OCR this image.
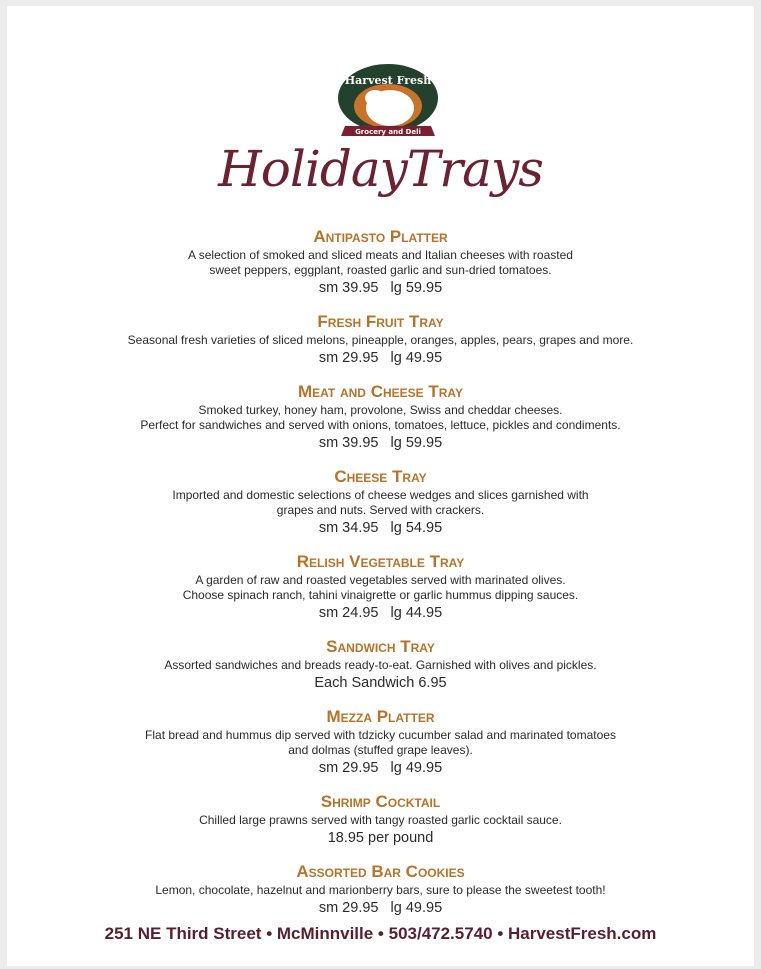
Harvest Fresh
Grocery and Deli
HolidayTrays
Antipasto Platter
A selection of smoked and sliced meats and Italian cheeses with roasted
sweet peppers, eggplant, roasted garlic and sun-dried tomatoes.
sm 39.95   lg 59.95
Fresh Fruit Tray
Seasonal fresh varieties of sliced melons, pineapple, oranges, apples, pears, grapes and more.
sm 29.95   lg 49.95
Meat and Cheese Tray
Smoked turkey, honey ham, provolone, Swiss and cheddar cheeses.
Perfect for sandwiches and served with onions, tomatoes, lettuce, pickles and condiments.
sm 39.95   lg 59.95
Cheese Tray
Imported and domestic selections of cheese wedges and slices garnished with
grapes and nuts. Served with crackers.
sm 34.95   lg 54.95
Relish Vegetable Tray
A garden of raw and roasted vegetables served with marinated olives.
Choose spinach ranch, tahini vinaigrette or garlic hummus dipping sauces.
sm 24.95   lg 44.95
Sandwich Tray
Assorted sandwiches and breads ready-to-eat. Garnished with olives and pickles.
Each Sandwich 6.95
Mezza Platter
Flat bread and hummus dip served with tdzicky cucumber salad and marinated tomatoes
and dolmas (stuffed grape leaves).
sm 29.95   lg 49.95
Shrimp Cocktail
Chilled large prawns served with tangy roasted garlic cocktail sauce.
18.95 per pound
Assorted Bar Cookies
Lemon, chocolate, hazelnut and marionberry bars, sure to please the sweetest tooth!
sm 29.95   lg 49.95
251 NE Third Street • McMinnville • 503/472.5740 • HarvestFresh.com
